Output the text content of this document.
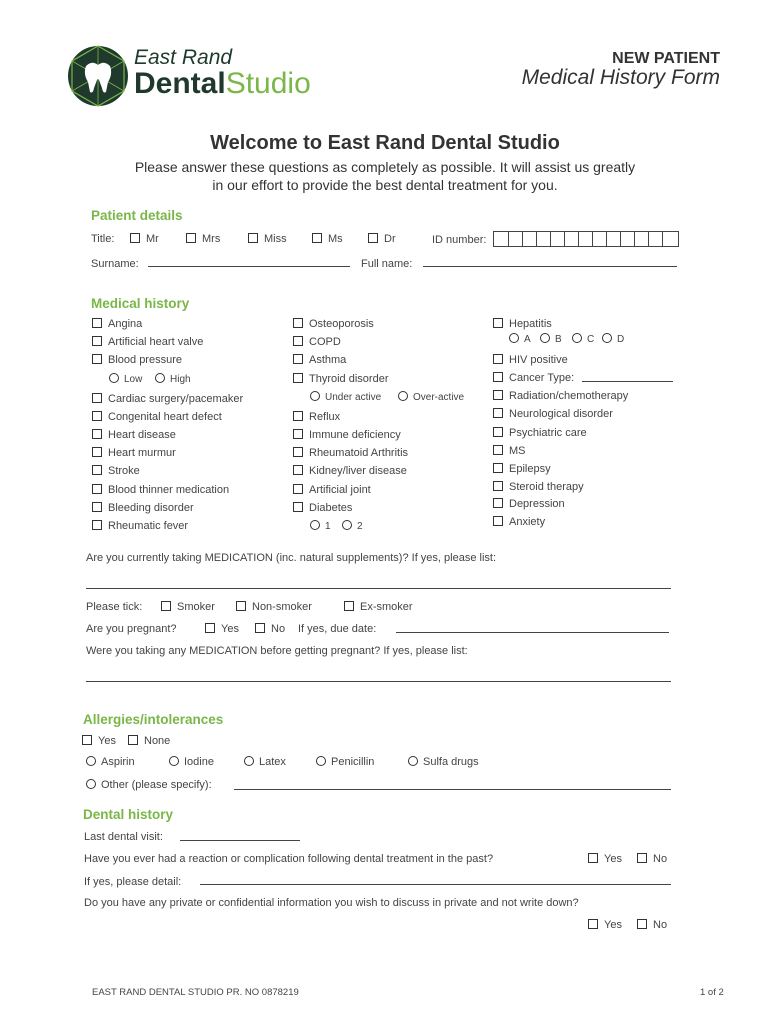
East Rand
DentalStudio
NEW PATIENT
Medical History Form
Welcome to East Rand Dental Studio
Please answer these questions as completely as possible. It will assist us greatly
in our effort to provide the best dental treatment for you.
Patient details
Title:	Mr	Mrs	Miss	Ms	Dr	ID number:
Surname:	Full name:
Medical history
Angina
Artificial heart valve
Blood pressure
Low	High
Cardiac surgery/pacemaker
Congenital heart defect
Heart disease
Heart murmur
Stroke
Blood thinner medication
Bleeding disorder
Rheumatic fever
Osteoporosis
COPD
Asthma
Thyroid disorder
Under active	Over-active
Reflux
Immune deficiency
Rheumatoid Arthritis
Kidney/liver disease
Artificial joint
Diabetes
1	2
Hepatitis
A	B	C	D
HIV positive
Cancer Type:
Radiation/chemotherapy
Neurological disorder
Psychiatric care
MS
Epilepsy
Steroid therapy
Depression
Anxiety
Are you currently taking MEDICATION (inc. natural supplements)? If yes, please list:
Please tick:	Smoker	Non-smoker	Ex-smoker
Are you pregnant?	Yes	No If yes, due date:
Were you taking any MEDICATION before getting pregnant? If yes, please list:
Allergies/intolerances
Yes	None
Aspirin	Iodine	Latex	Penicillin	Sulfa drugs
Other (please specify):
Dental history
Last dental visit:
Have you ever had a reaction or complication following dental treatment in the past?	Yes	No
If yes, please detail:
Do you have any private or confidential information you wish to discuss in private and not write down?
Yes	No
EAST RAND DENTAL STUDIO PR. NO 0878219	1 of 2
